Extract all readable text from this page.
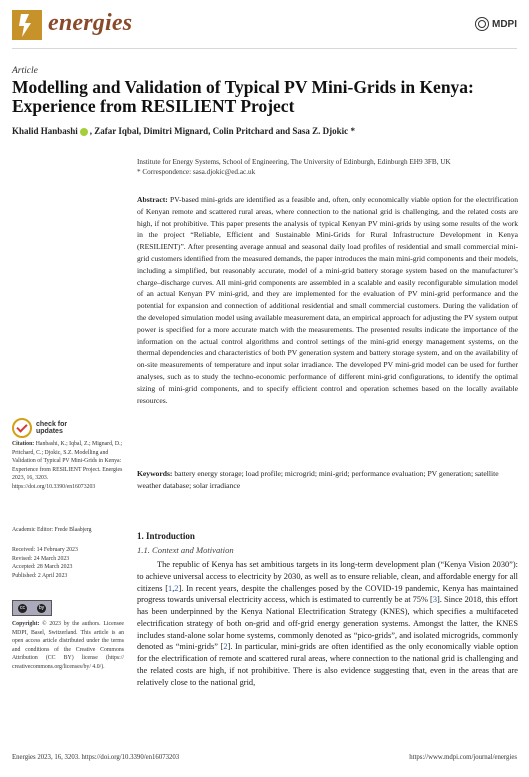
energies	MDPI
Article
Modelling and Validation of Typical PV Mini-Grids in Kenya: Experience from RESILIENT Project
Khalid Hanbashi , Zafar Iqbal, Dimitri Mignard, Colin Pritchard and Sasa Z. Djokic *
Institute for Energy Systems, School of Engineering, The University of Edinburgh, Edinburgh EH9 3FB, UK
* Correspondence: sasa.djokic@ed.ac.uk
Abstract: PV-based mini-grids are identified as a feasible and, often, only economically viable option for the electrification of Kenyan remote and scattered rural areas, where connection to the national grid is challenging, and the related costs are high, if not prohibitive. This paper presents the analysis of typical Kenyan PV mini-grids by using some results of the work in the project “Reliable, Efficient and Sustainable Mini-Grids for Rural Infrastructure Development in Kenya (RESILIENT)”. After presenting average annual and seasonal daily load profiles of residential and small commercial mini-grid customers identified from the measured demands, the paper introduces the main mini-grid components and their models, including a simplified, but reasonably accurate, model of a mini-grid battery storage system based on the manufacturer’s charge–discharge curves. All mini-grid components are assembled in a scalable and easily reconfigurable simulation model of an actual Kenyan PV mini-grid, and they are implemented for the evaluation of PV mini-grid performance and the potential for expansion and connection of additional residential and small commercial customers. During the validation of the developed simulation model using available measurement data, an empirical approach for adjusting the PV system output power is specified for a more accurate match with the measurements. The presented results indicate the importance of the information on the actual control algorithms and control settings of the mini-grid energy management systems, on the thermal dependencies and characteristics of both PV generation system and battery storage system, and on the availability of on-site measurements of temperature and input solar irradiance. The developed PV mini-grid model can be used for further analyses, such as to study the techno-economic performance of different mini-grid configurations, to identify the optimal sizing of mini-grid components, and to specify efficient control and operation schemes based on the locally available resources.
Keywords: battery energy storage; load profile; microgrid; mini-grid; performance evaluation; PV generation; satellite weather database; solar irradiance
check for
updates
Citation: Hanbashi, K.; Iqbal, Z.; Mignard, D.; Pritchard, C.; Djokic, S.Z. Modelling and Validation of Typical PV Mini-Grids in Kenya: Experience from RESILIENT Project. Energies 2023, 16, 3203. https://doi.org/10.3390/en16073203
Academic Editor: Frede Blaabjerg
Received: 14 February 2023
Revised: 24 March 2023
Accepted: 28 March 2023
Published: 2 April 2023
cc	by
Copyright: © 2023 by the authors. Licensee MDPI, Basel, Switzerland. This article is an open access article distributed under the terms and conditions of the Creative Commons Attribution (CC BY) license (https:// creativecommons.org/licenses/by/ 4.0/).
1. Introduction
1.1. Context and Motivation

The republic of Kenya has set ambitious targets in its long-term development plan (“Kenya Vision 2030”): to achieve universal access to electricity by 2030, as well as to ensure reliable, clean, and affordable energy for all citizens [1,2]. In recent years, despite the challenges posed by the COVID-19 pandemic, Kenya has maintained progress towards universal electricity access, which is estimated to currently be at 75% [3]. Since 2018, this effort has been underpinned by the Kenya National Electrification Strategy (KNES), which specifies a multifaceted electrification strategy of both on-grid and off-grid energy generation systems. Amongst the latter, the KNES includes stand-alone solar home systems, commonly denoted as “pico-grids”, and isolated microgrids, commonly denoted as “mini-grids” [2]. In particular, mini-grids are often identified as the only economically viable option for the electrification of remote and scattered rural areas, where connection to the national grid is challenging and the related costs are high, if not prohibitive. There is also evidence suggesting that, even in the areas that are relatively close to the national grid,

Energies 2023, 16, 3203. https://doi.org/10.3390/en16073203	https://www.mdpi.com/journal/energies
